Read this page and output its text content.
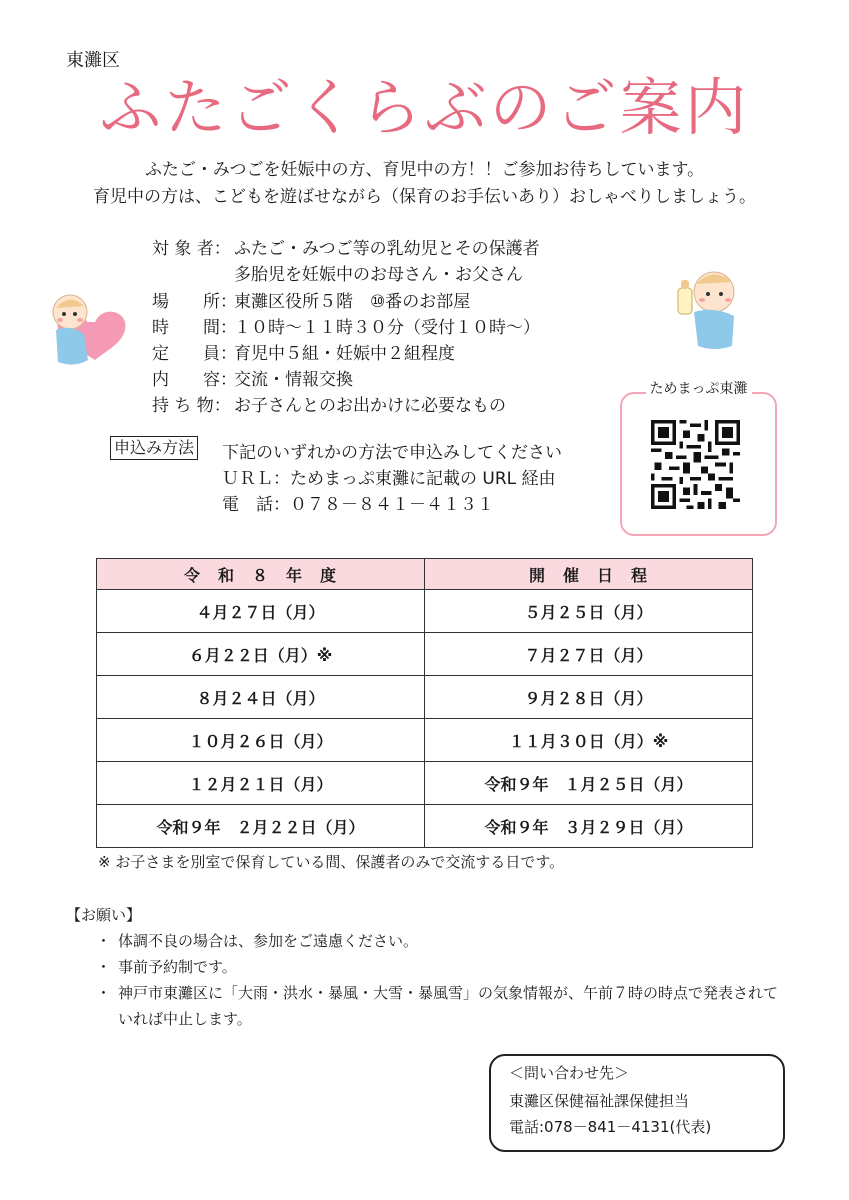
東灘区
ふたごくらぶのご案内
ふたご・みつごを妊娠中の方、育児中の方！！ご参加お待ちしています。
育児中の方は、こどもを遊ばせながら（保育のお手伝いあり）おしゃべりしましょう。
対 象 者： ふたご・みつご等の乳幼児とその保護者
多胎児を妊娠中のお母さん・お父さん
場　　所：東灘区役所５階　⑩番のお部屋
時　　間：１０時～１１時３０分（受付１０時～）
定　　員：育児中５組・妊娠中２組程度
内　　容：交流・情報交換
持 ち 物： お子さんとのお出かけに必要なもの
申込み方法 下記のいずれかの方法で申込みしてください
ＵＲＬ：ためまっぷ東灘に記載の URL 経由
電　話：０７８－８４１－４１３１
ためまっぷ東灘
令　和　８　年　度	開　催　日　程
４月２７日（月）	５月２５日（月）
６月２２日（月）※	７月２７日（月）
８月２４日（月）	９月２８日（月）
１０月２６日（月）	１１月３０日（月）※
１２月２１日（月）	令和９年　１月２５日（月）
令和９年　２月２２日（月）	令和９年　３月２９日（月）
※ お子さまを別室で保育している間、保護者のみで交流する日です。
【お願い】
・ 体調不良の場合は、参加をご遠慮ください。
・ 事前予約制です。
・ 神戸市東灘区に「大雨・洪水・暴風・大雪・暴風雪」の気象情報が、午前７時の時点で発表されていれば中止します。
＜問い合わせ先＞
東灘区保健福祉課保健担当
電話:078－841－4131(代表)
